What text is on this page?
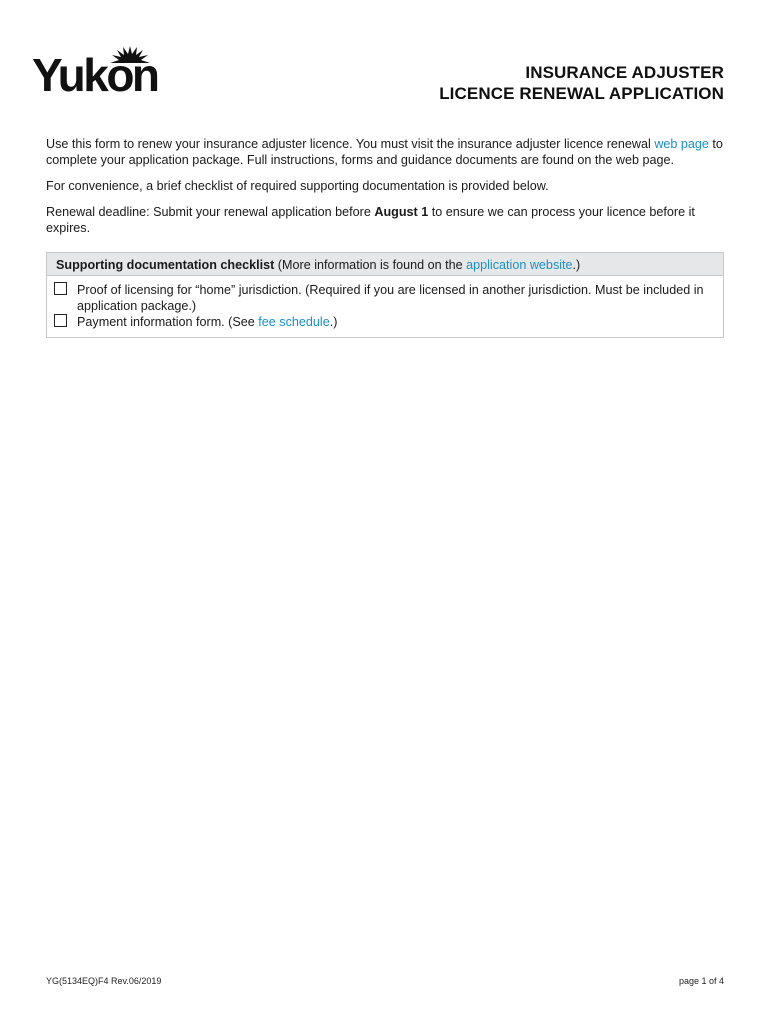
Yukon	INSURANCE ADJUSTER
LICENCE RENEWAL APPLICATION

Use this form to renew your insurance adjuster licence. You must visit the insurance adjuster licence renewal web page to complete your application package. Full instructions, forms and guidance documents are found on the web page.

For convenience, a brief checklist of required supporting documentation is provided below.

Renewal deadline: Submit your renewal application before August 1 to ensure we can process your licence before it expires.

Supporting documentation checklist (More information is found on the application website.)
Proof of licensing for “home” jurisdiction. (Required if you are licensed in another jurisdiction. Must be included in application package.)
Payment information form. (See fee schedule.)
YG(5134EQ)F4 Rev.06/2019	page 1 of 4
